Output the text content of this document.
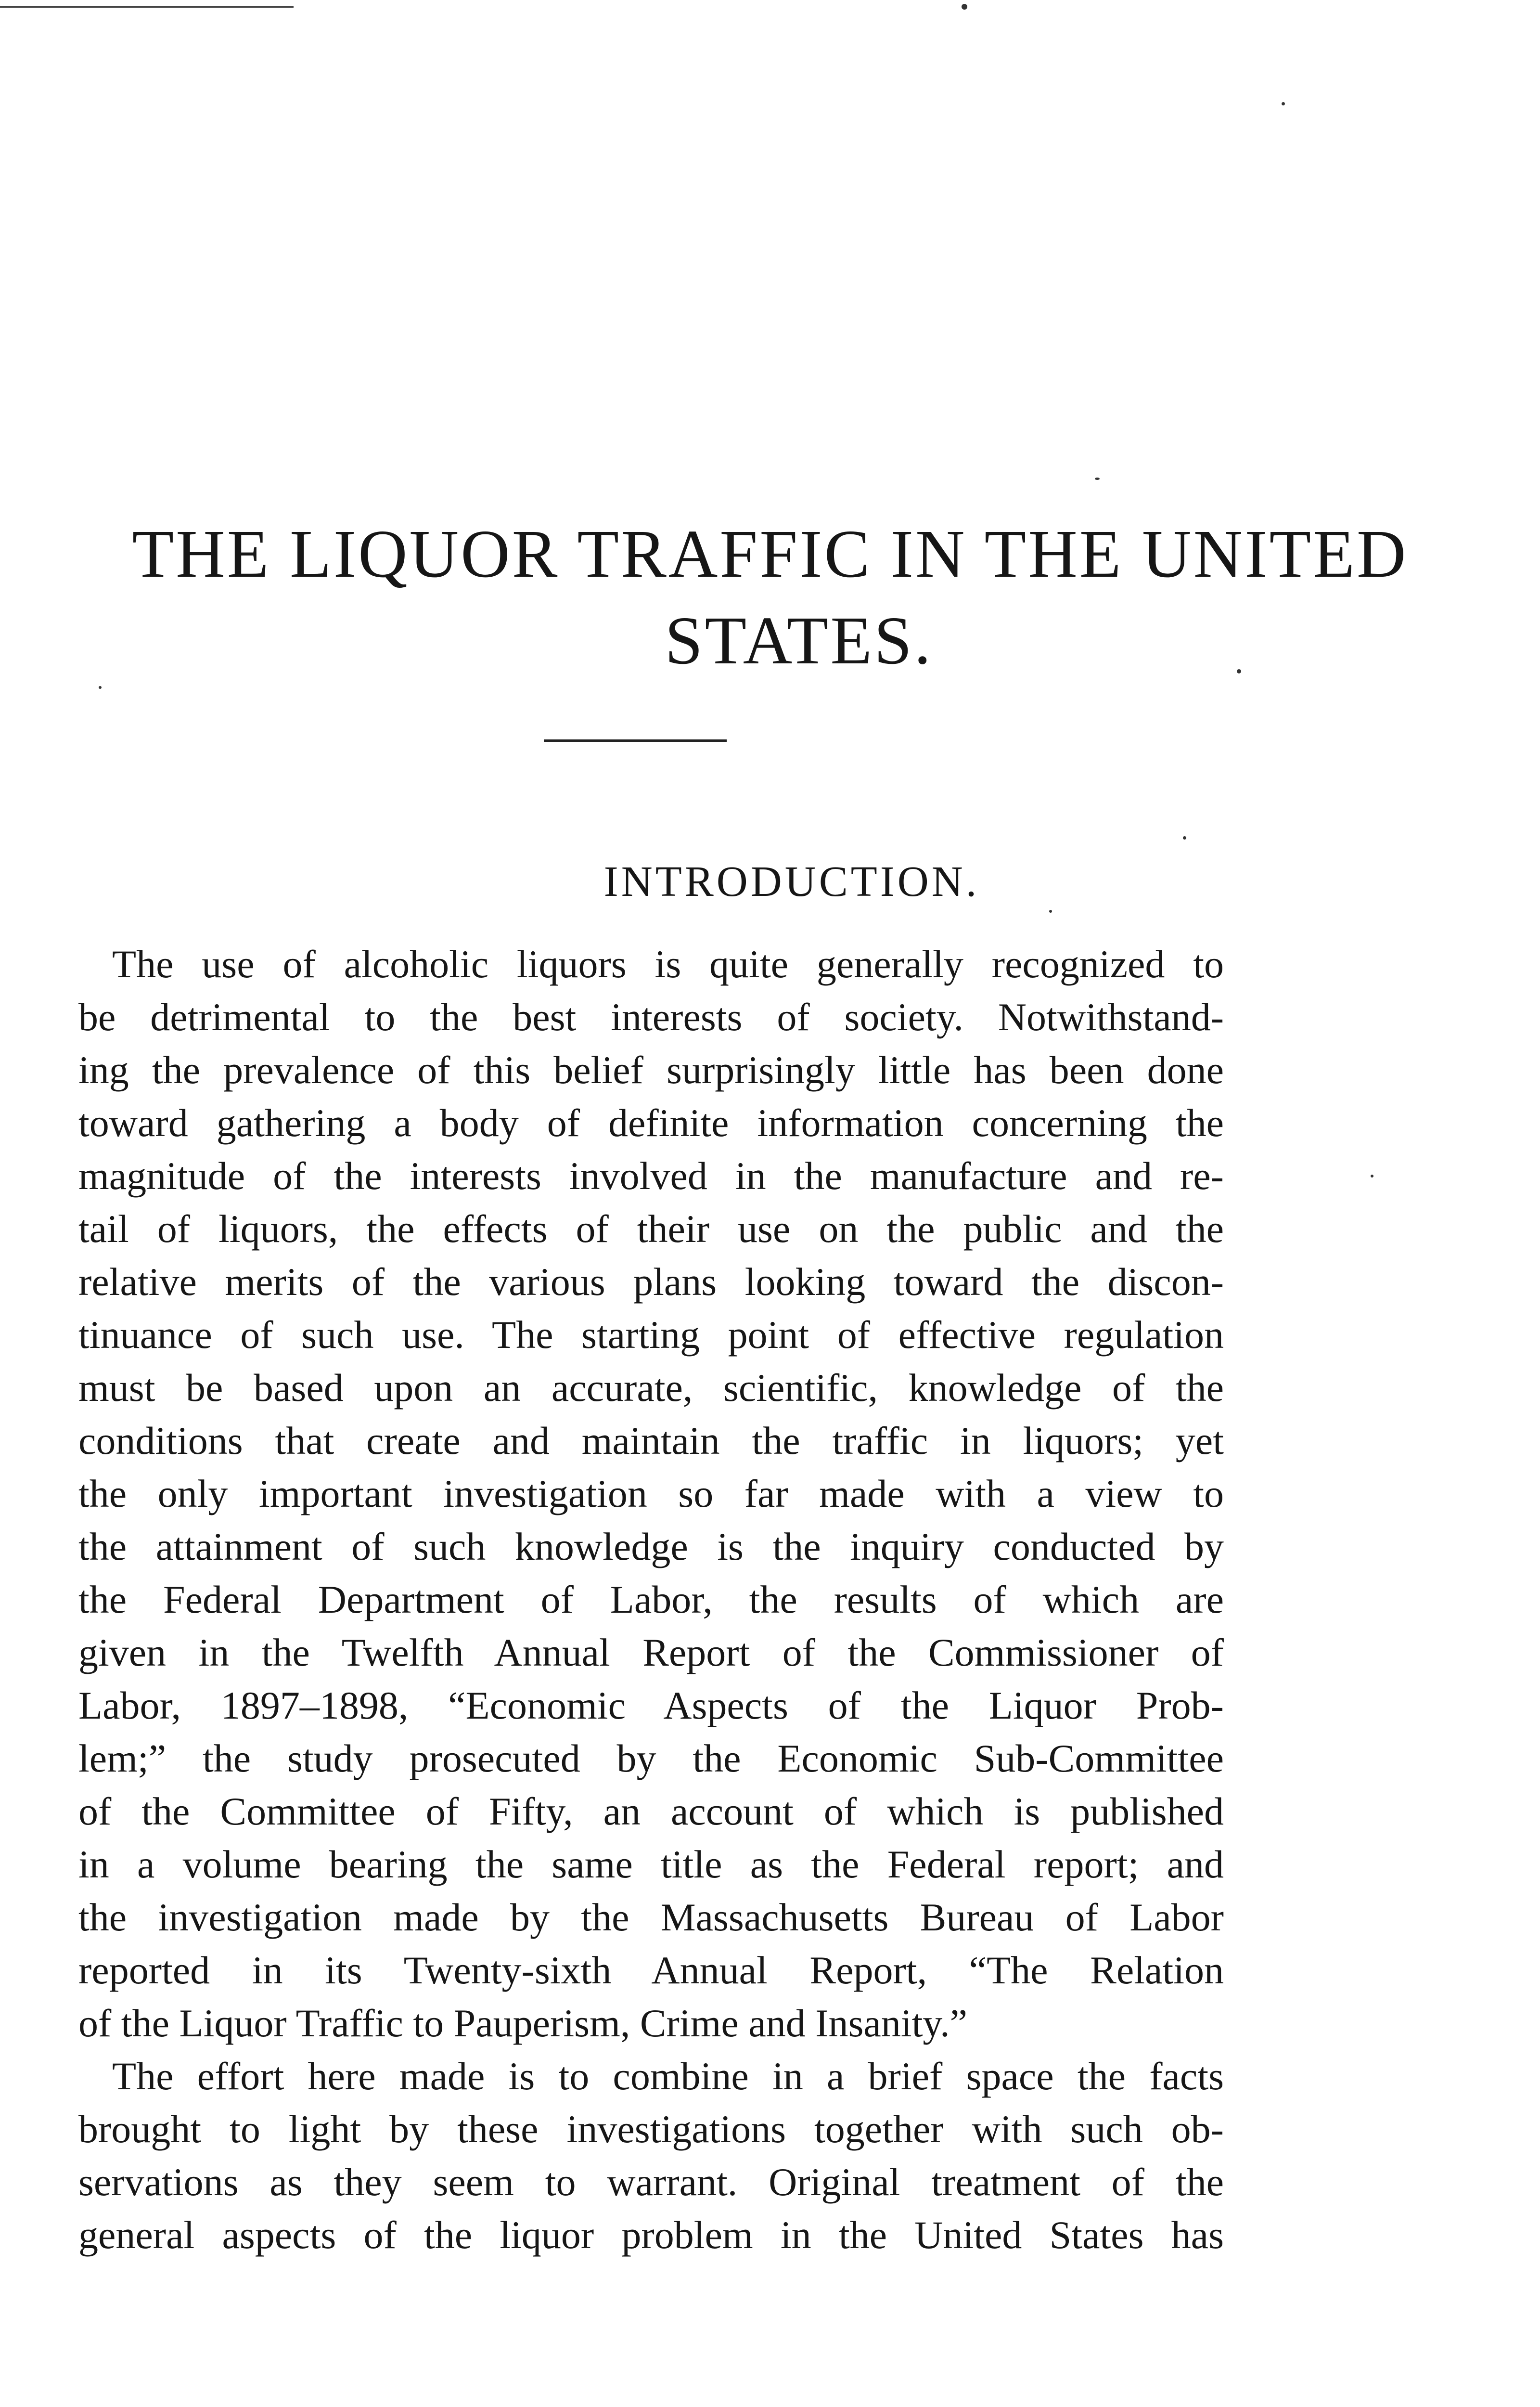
THE LIQUOR TRAFFIC IN THE UNITED
STATES.
INTRODUCTION.
The use of alcoholic liquors is quite generally recognized to
be detrimental to the best interests of society. Notwithstand-
ing the prevalence of this belief surprisingly little has been done
toward gathering a body of definite information concerning the
magnitude of the interests involved in the manufacture and re-
tail of liquors, the effects of their use on the public and the
relative merits of the various plans looking toward the discon-
tinuance of such use. The starting point of effective regulation
must be based upon an accurate, scientific, knowledge of the
conditions that create and maintain the traffic in liquors; yet
the only important investigation so far made with a view to
the attainment of such knowledge is the inquiry conducted by
the Federal Department of Labor, the results of which are
given in the Twelfth Annual Report of the Commissioner of
Labor, 1897–1898, “Economic Aspects of the Liquor Prob-
lem;” the study prosecuted by the Economic Sub-Committee
of the Committee of Fifty, an account of which is published
in a volume bearing the same title as the Federal report; and
the investigation made by the Massachusetts Bureau of Labor
reported in its Twenty-sixth Annual Report, “The Relation
of the Liquor Traffic to Pauperism, Crime and Insanity.”
The effort here made is to combine in a brief space the facts
brought to light by these investigations together with such ob-
servations as they seem to warrant. Original treatment of the
general aspects of the liquor problem in the United States has
